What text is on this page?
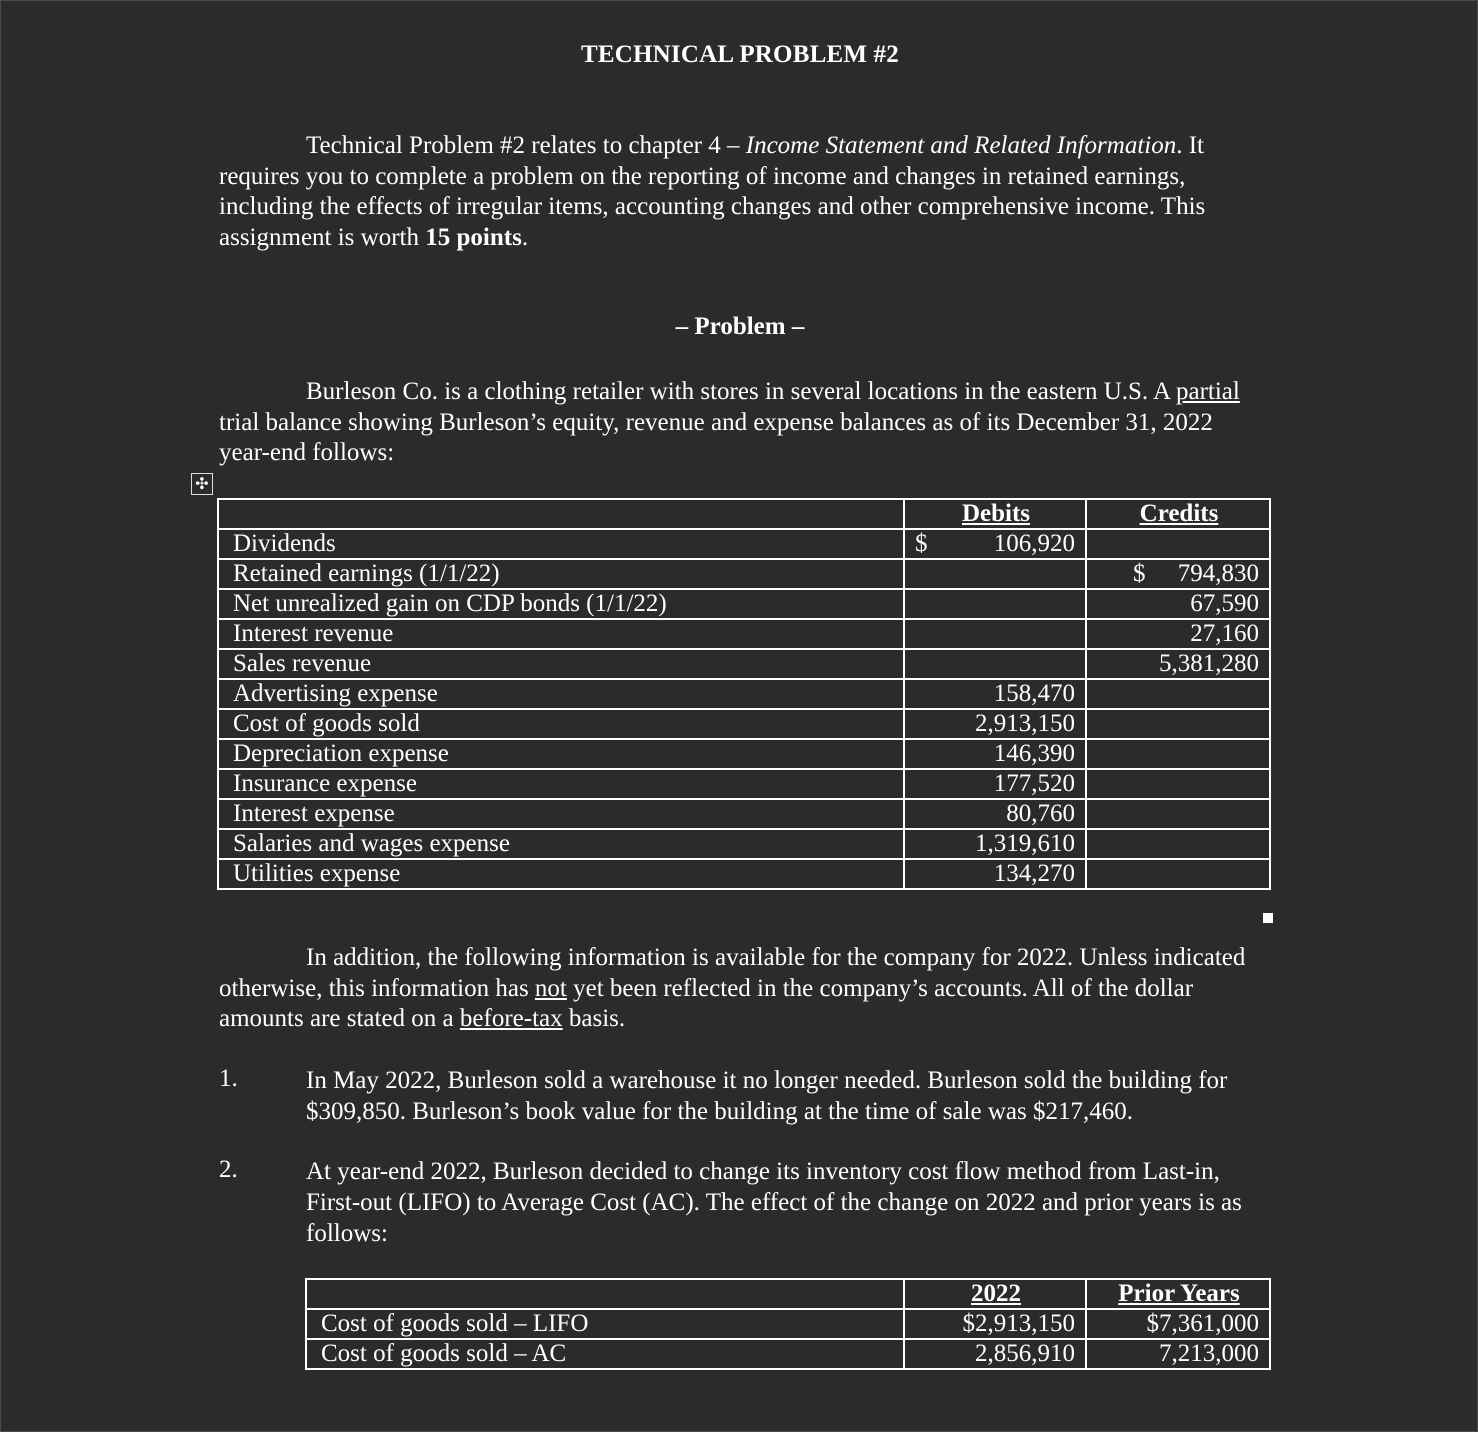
TECHNICAL PROBLEM #2
Technical Problem #2 relates to chapter 4 – Income Statement and Related Information. It requires you to complete a problem on the reporting of income and changes in retained earnings, including the effects of irregular items, accounting changes and other comprehensive income. This assignment is worth 15 points.
– Problem –
Burleson Co. is a clothing retailer with stores in several locations in the eastern U.S. A partial trial balance showing Burleson’s equity, revenue and expense balances as of its December 31, 2022 year-end follows:
✣
	Debits	Credits
Dividends	$ 106,920	

Retained earnings (1/1/22)		$ 794,830

Net unrealized gain on CDP bonds (1/1/22)		67,590

Interest revenue		27,160

Sales revenue		5,381,280

Advertising expense	158,470	

Cost of goods sold	2,913,150	

Depreciation expense	146,390	

Insurance expense	177,520	

Interest expense	80,760	

Salaries and wages expense	1,319,610	

Utilities expense	134,270	

In addition, the following information is available for the company for 2022. Unless indicated otherwise, this information has not yet been reflected in the company’s accounts. All of the dollar amounts are stated on a before-tax basis.
1.	In May 2022, Burleson sold a warehouse it no longer needed. Burleson sold the building for $309,850. Burleson’s book value for the building at the time of sale was $217,460.
2.	At year-end 2022, Burleson decided to change its inventory cost flow method from Last-in, First-out (LIFO) to Average Cost (AC). The effect of the change on 2022 and prior years is as follows:
	2022	Prior Years
Cost of goods sold – LIFO	$2,913,150	$7,361,000
Cost of goods sold – AC	2,856,910	7,213,000
